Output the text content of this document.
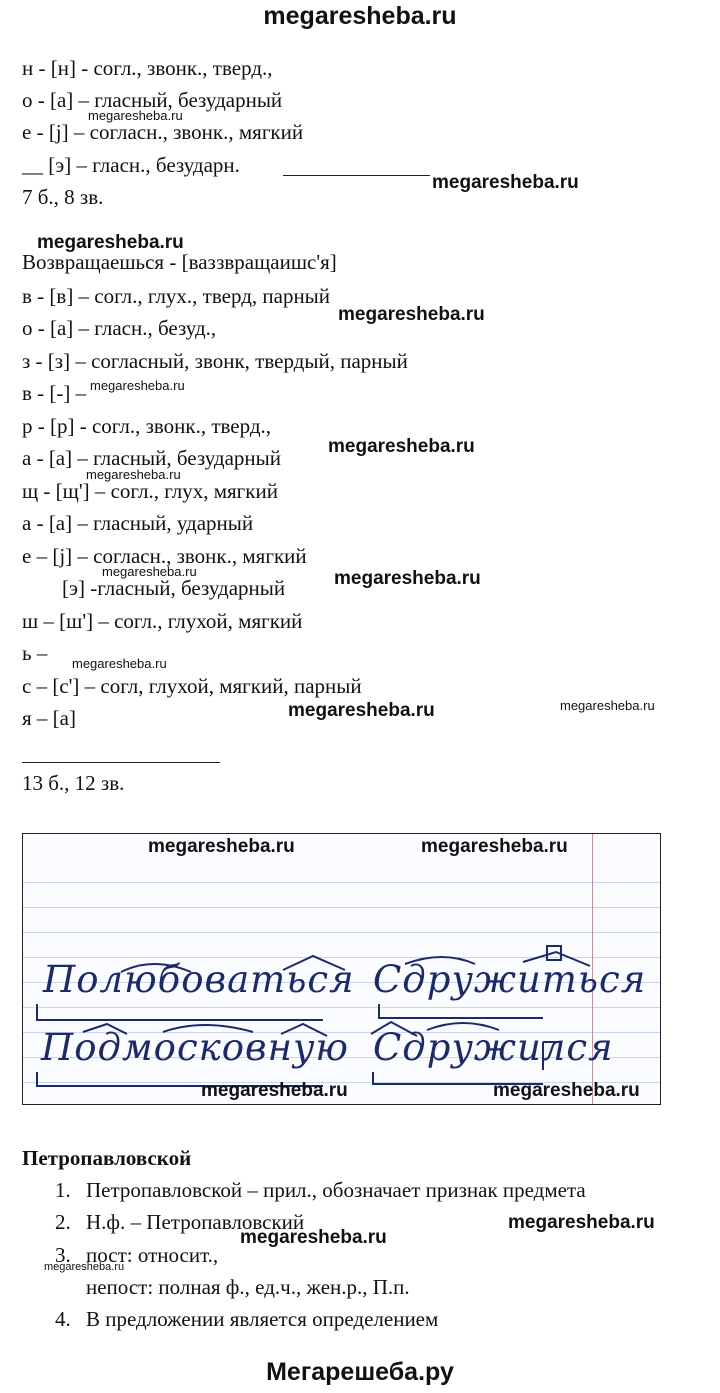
megaresheba.ru
н - [н] - согл., звонк., тверд.,
о - [а] – гласный, безударный
е - [j] – согласн., звонк., мягкий
__ [э] – гласн., безударн.
7 б., 8 зв.
Возвращаешься - [ваззвращаишс'я]
в - [в] – согл., глух., тверд, парный
о - [а] – гласн., безуд.,
з - [з] – согласный, звонк, твердый, парный
в - [-] –
р - [р] - согл., звонк., тверд.,
а - [а] – гласный, безударный
щ - [щ'] – согл., глух, мягкий
а - [а] – гласный, ударный
е – [j] – согласн., звонк., мягкий
[э] -гласный, безударный
ш – [ш'] – согл., глухой, мягкий
ь –
с – [с'] – согл, глухой, мягкий, парный
я – [а]
13 б., 12 зв.
Полюбоваться Сдружиться
Подмосковную Сдружился
megaresheba.ru	megaresheba.ru
megaresheba.ru	megaresheba.ru
Петропавловской
1. Петропавловской – прил., обозначает признак предмета
2. Н.ф. – Петропавловский
3. пост: относит.,
непост: полная ф., ед.ч., жен.р., П.п.
4. В предложении является определением
megaresheba.ru
megaresheba.ru
megaresheba.ru
megaresheba.ru
megaresheba.ru
megaresheba.ru
megaresheba.ru
megaresheba.ru	megaresheba.ru
megaresheba.ru
megaresheba.ru	megaresheba.ru
megaresheba.ru
megaresheba.ru
megaresheba.ru
Мегарешеба.ру
